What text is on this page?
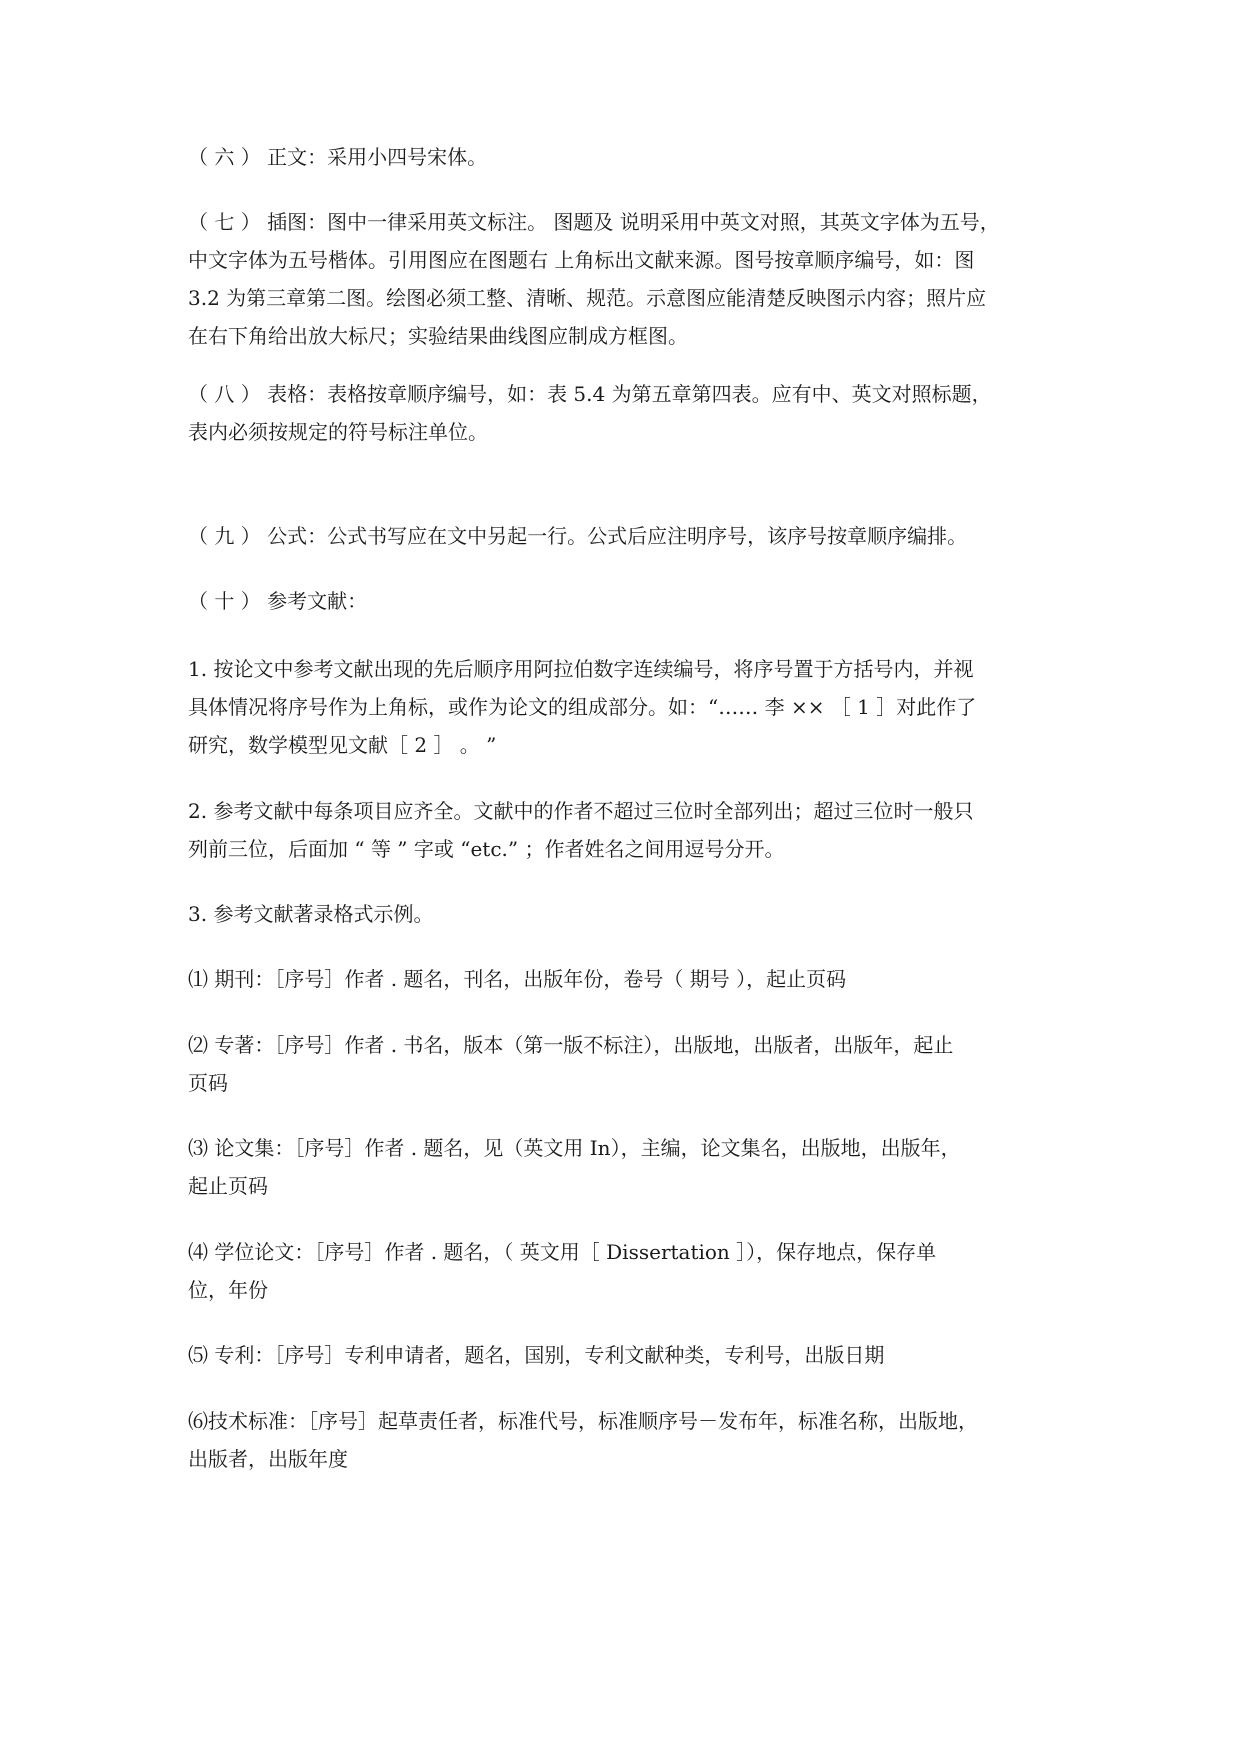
（ 六 ） 正文：采用小四号宋体。

（ 七 ） 插图：图中一律采用英文标注。 图题及 说明采用中英文对照，其英文字体为五号，
中文字体为五号楷体。引用图应在图题右 上角标出文献来源。图号按章顺序编号，如：图
3.2 为第三章第二图。绘图必须工整、清晰、规范。示意图应能清楚反映图示内容；照片应
在右下角给出放大标尺；实验结果曲线图应制成方框图。

（ 八 ） 表格：表格按章顺序编号，如：表 5.4 为第五章第四表。应有中、英文对照标题，
表内必须按规定的符号标注单位。

（ 九 ） 公式：公式书写应在文中另起一行。公式后应注明序号，该序号按章顺序编排。

（ 十 ） 参考文献：

1. 按论文中参考文献出现的先后顺序用阿拉伯数字连续编号，将序号置于方括号内，并视
具体情况将序号作为上角标，或作为论文的组成部分。如：“…… 李 ×× ［ 1 ］对此作了
研究，数学模型见文献［ 2 ］ 。 ”

2. 参考文献中每条项目应齐全。文献中的作者不超过三位时全部列出；超过三位时一般只
列前三位，后面加 “ 等 ” 字或 “etc.” ；作者姓名之间用逗号分开。

3. 参考文献著录格式示例。

⑴ 期刊：［序号］作者 . 题名，刊名，出版年份，卷号（ 期号 ），起止页码

⑵ 专著：［序号］作者 . 书名，版本（第一版不标注），出版地，出版者，出版年，起止
页码

⑶ 论文集：［序号］作者 . 题名，见（英文用 In），主编，论文集名，出版地，出版年，
起止页码

⑷ 学位论文：［序号］作者 . 题名，（ 英文用［ Dissertation ］），保存地点，保存单
位，年份

⑸ 专利：［序号］专利申请者，题名，国别，专利文献种类，专利号，出版日期

⑹技术标准：［序号］起草责任者，标准代号，标准顺序号－发布年，标准名称，出版地，
出版者，出版年度
